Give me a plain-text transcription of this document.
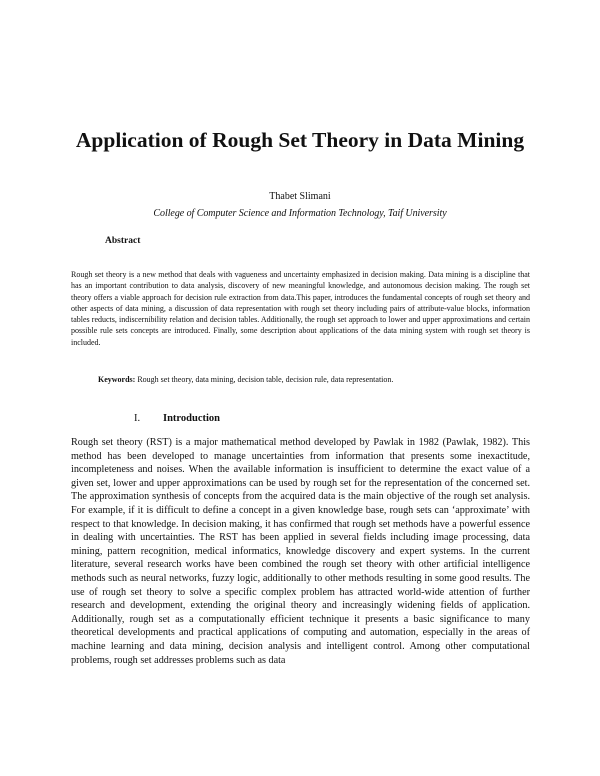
Application of Rough Set Theory in Data Mining
Thabet Slimani
College of Computer Science and Information Technology, Taif University
Abstract
Rough set theory is a new method that deals with vagueness and uncertainty emphasized in decision making. Data mining is a discipline that has an important contribution to data analysis, discovery of new meaningful knowledge, and autonomous decision making. The rough set theory offers a viable approach for decision rule extraction from data.This paper, introduces the fundamental concepts of rough set theory and other aspects of data mining, a discussion of data representation with rough set theory including pairs of attribute-value blocks, information tables reducts, indiscernibility relation and decision tables. Additionally, the rough set approach to lower and upper approximations and certain possible rule sets concepts are introduced. Finally, some description about applications of the data mining system with rough set theory is included.
Keywords: Rough set theory, data mining, decision table, decision rule, data representation.
I. Introduction
Rough set theory (RST) is a major mathematical method developed by Pawlak in 1982 (Pawlak, 1982). This method has been developed to manage uncertainties from information that presents some inexactitude, incompleteness and noises. When the available information is insufficient to determine the exact value of a given set, lower and upper approximations can be used by rough set for the representation of the concerned set. The approximation synthesis of concepts from the acquired data is the main objective of the rough set analysis. For example, if it is difficult to define a concept in a given knowledge base, rough sets can ‘approximate’ with respect to that knowledge. In decision making, it has confirmed that rough set methods have a powerful essence in dealing with uncertainties. The RST has been applied in several fields including image processing, data mining, pattern recognition, medical informatics, knowledge discovery and expert systems. In the current literature, several research works have been combined the rough set theory with other artificial intelligence methods such as neural networks, fuzzy logic, additionally to other methods resulting in some good results. The use of rough set theory to solve a specific complex problem has attracted world-wide attention of further research and development, extending the original theory and increasingly widening fields of application. Additionally, rough set as a computationally efficient technique it presents a basic significance to many theoretical developments and practical applications of computing and automation, especially in the areas of machine learning and data mining, decision analysis and intelligent control. Among other computational problems, rough set addresses problems such as data
